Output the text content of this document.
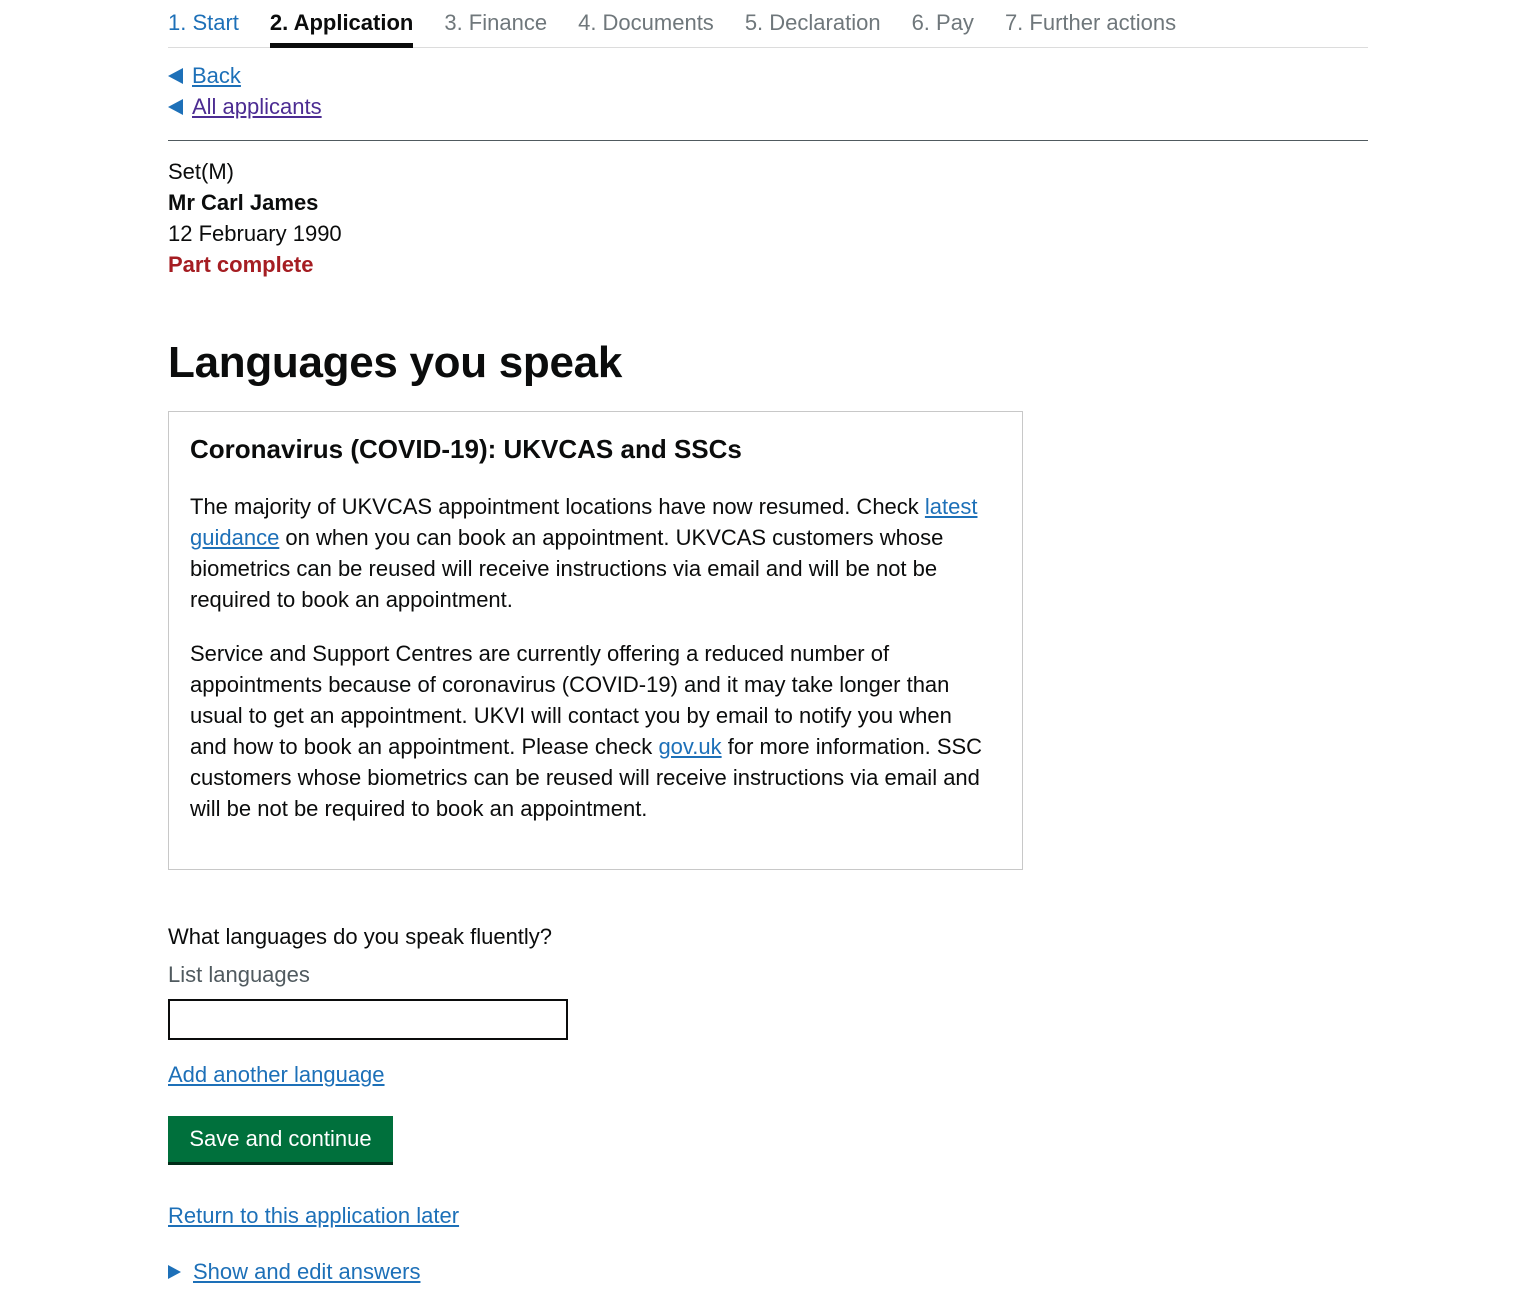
1. Start 2. Application 3. Finance 4. Documents 5. Declaration 6. Pay 7. Further actions
Back
All applicants
Set(M)
Mr Carl James
12 February 1990
Part complete
Languages you speak
Coronavirus (COVID-19): UKVCAS and SSCs

The majority of UKVCAS appointment locations have now resumed. Check latest guidance on when you can book an appointment. UKVCAS customers whose biometrics can be reused will receive instructions via email and will be not be required to book an appointment.

Service and Support Centres are currently offering a reduced number of appointments because of coronavirus (COVID-19) and it may take longer than usual to get an appointment. UKVI will contact you by email to notify you when and how to book an appointment. Please check gov.uk for more information. SSC customers whose biometrics can be reused will receive instructions via email and will be not be required to book an appointment.

What languages do you speak fluently?
List languages
Add another language
Save and continue
Return to this application later
Show and edit answers
